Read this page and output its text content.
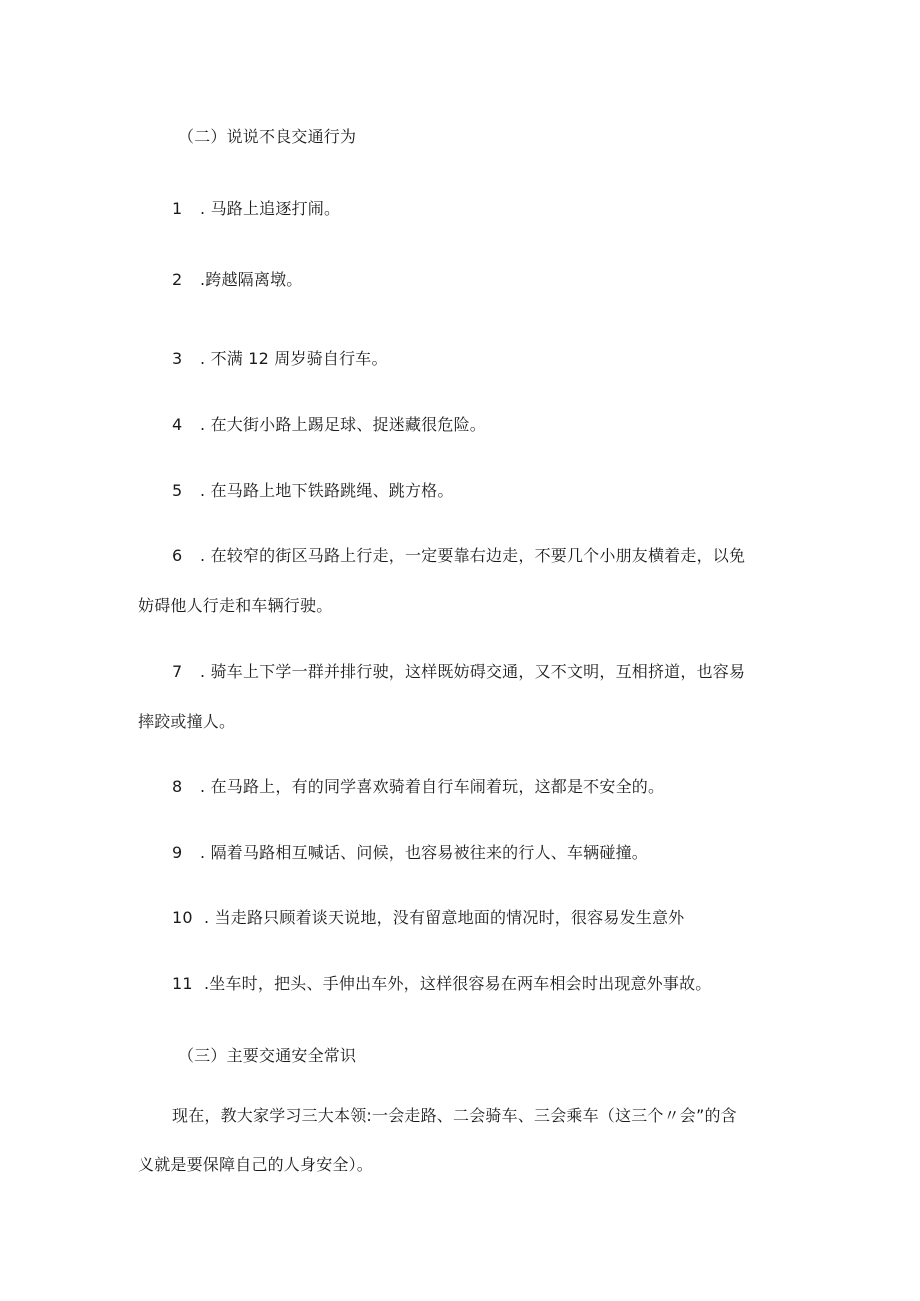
（二）说说不良交通行为
1 . 马路上追逐打闹。
2 .跨越隔离墩。
3 . 不满 12 周岁骑自行车。
4 . 在大街小路上踢足球、捉迷藏很危险。
5 . 在马路上地下铁路跳绳、跳方格。
6 . 在较窄的街区马路上行走，一定要靠右边走，不要几个小朋友横着走，以免
妨碍他人行走和车辆行驶。
7 . 骑车上下学一群并排行驶，这样既妨碍交通，又不文明，互相挤道，也容易
摔跤或撞人。
8 . 在马路上，有的同学喜欢骑着自行车闹着玩，这都是不安全的。
9 . 隔着马路相互喊话、问候，也容易被往来的行人、车辆碰撞。
10 . 当走路只顾着谈天说地，没有留意地面的情况时，很容易发生意外
11 .坐车时，把头、手伸出车外，这样很容易在两车相会时出现意外事故。
（三）主要交通安全常识
现在，教大家学习三大本领:一会走路、二会骑车、三会乘车（这三个〃会”的含
义就是要保障自己的人身安全）。
